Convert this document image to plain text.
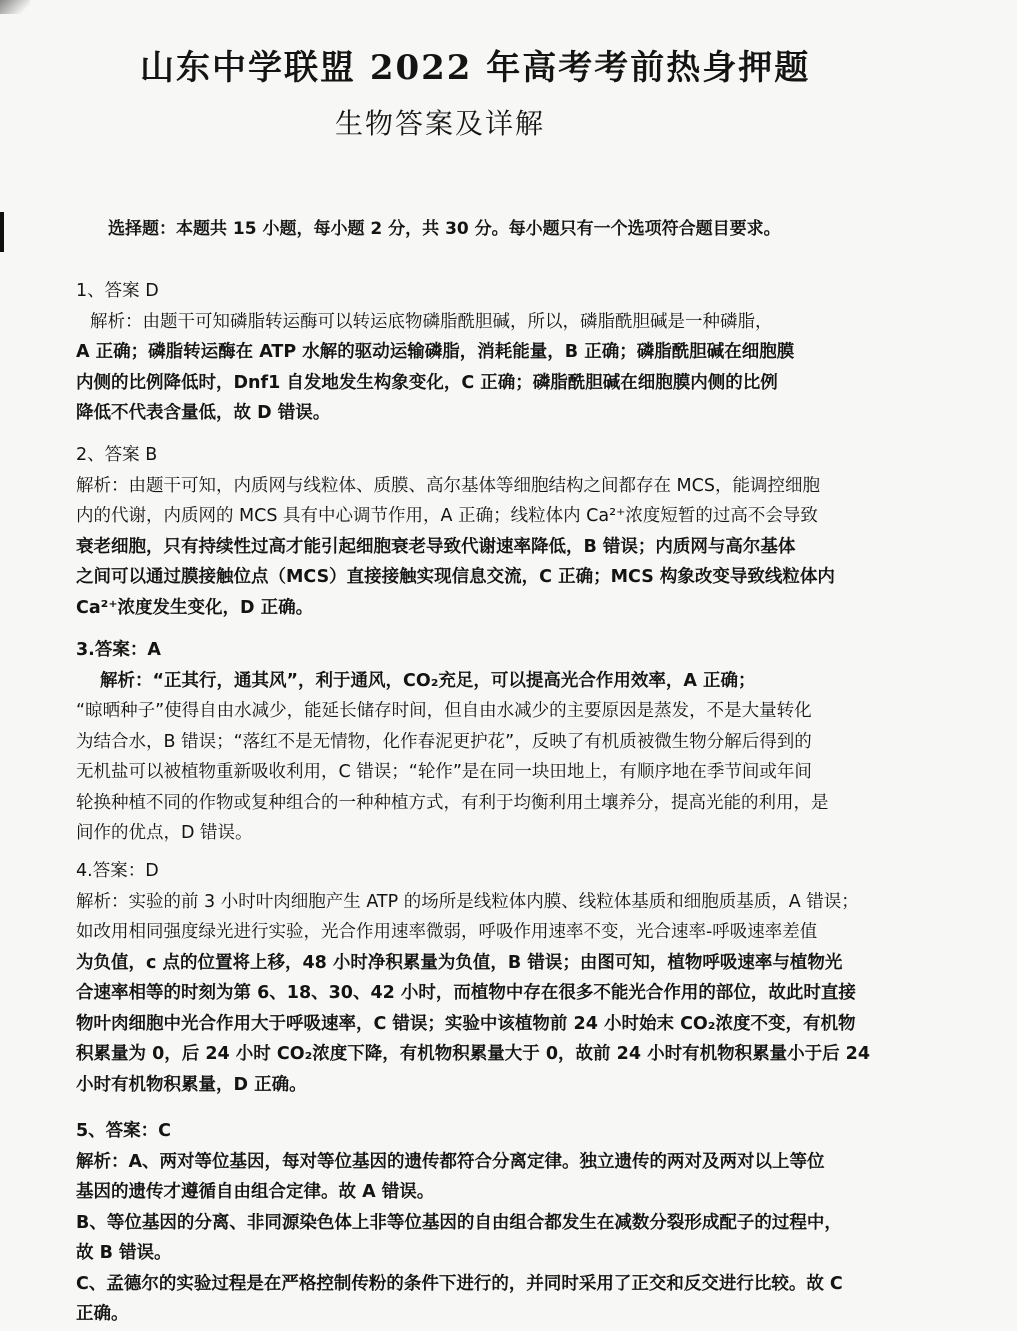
山东中学联盟 2022 年高考考前热身押题
生物答案及详解
选择题：本题共 15 小题，每小题 2 分，共 30 分。每小题只有一个选项符合题目要求。
1、答案 D

解析：由题干可知磷脂转运酶可以转运底物磷脂酰胆碱，所以，磷脂酰胆碱是一种磷脂，

A 正确；磷脂转运酶在 ATP 水解的驱动运输磷脂，消耗能量，B 正确；磷脂酰胆碱在细胞膜

内侧的比例降低时，Dnf1 自发地发生构象变化，C 正确；磷脂酰胆碱在细胞膜内侧的比例

降低不代表含量低，故 D 错误。

2、答案 B

解析：由题干可知，内质网与线粒体、质膜、高尔基体等细胞结构之间都存在 MCS，能调控细胞

内的代谢，内质网的 MCS 具有中心调节作用，A 正确；线粒体内 Ca²⁺浓度短暂的过高不会导致

衰老细胞，只有持续性过高才能引起细胞衰老导致代谢速率降低，B 错误；内质网与高尔基体

之间可以通过膜接触位点（MCS）直接接触实现信息交流，C 正确；MCS 构象改变导致线粒体内

Ca²⁺浓度发生变化，D 正确。

3.答案：A

解析：“正其行，通其风”，利于通风，CO₂充足，可以提高光合作用效率，A 正确；

“晾晒种子”使得自由水减少，能延长储存时间，但自由水减少的主要原因是蒸发，不是大量转化

为结合水，B 错误；“落红不是无情物，化作春泥更护花”，反映了有机质被微生物分解后得到的

无机盐可以被植物重新吸收利用，C 错误；“轮作”是在同一块田地上，有顺序地在季节间或年间

轮换种植不同的作物或复种组合的一种种植方式，有利于均衡利用土壤养分，提高光能的利用，是

间作的优点，D 错误。

4.答案：D

解析：实验的前 3 小时叶肉细胞产生 ATP 的场所是线粒体内膜、线粒体基质和细胞质基质，A 错误；

如改用相同强度绿光进行实验，光合作用速率微弱，呼吸作用速率不变，光合速率-呼吸速率差值

为负值，c 点的位置将上移，48 小时净积累量为负值，B 错误；由图可知，植物呼吸速率与植物光

合速率相等的时刻为第 6、18、30、42 小时，而植物中存在很多不能光合作用的部位，故此时直接

物叶肉细胞中光合作用大于呼吸速率，C 错误；实验中该植物前 24 小时始末 CO₂浓度不变，有机物

积累量为 0，后 24 小时 CO₂浓度下降，有机物积累量大于 0，故前 24 小时有机物积累量小于后 24

小时有机物积累量，D 正确。

5、答案：C

解析：A、两对等位基因，每对等位基因的遗传都符合分离定律。独立遗传的两对及两对以上等位

基因的遗传才遵循自由组合定律。故 A 错误。

B、等位基因的分离、非同源染色体上非等位基因的自由组合都发生在减数分裂形成配子的过程中，

故 B 错误。

C、孟德尔的实验过程是在严格控制传粉的条件下进行的，并同时采用了正交和反交进行比较。故 C

正确。
